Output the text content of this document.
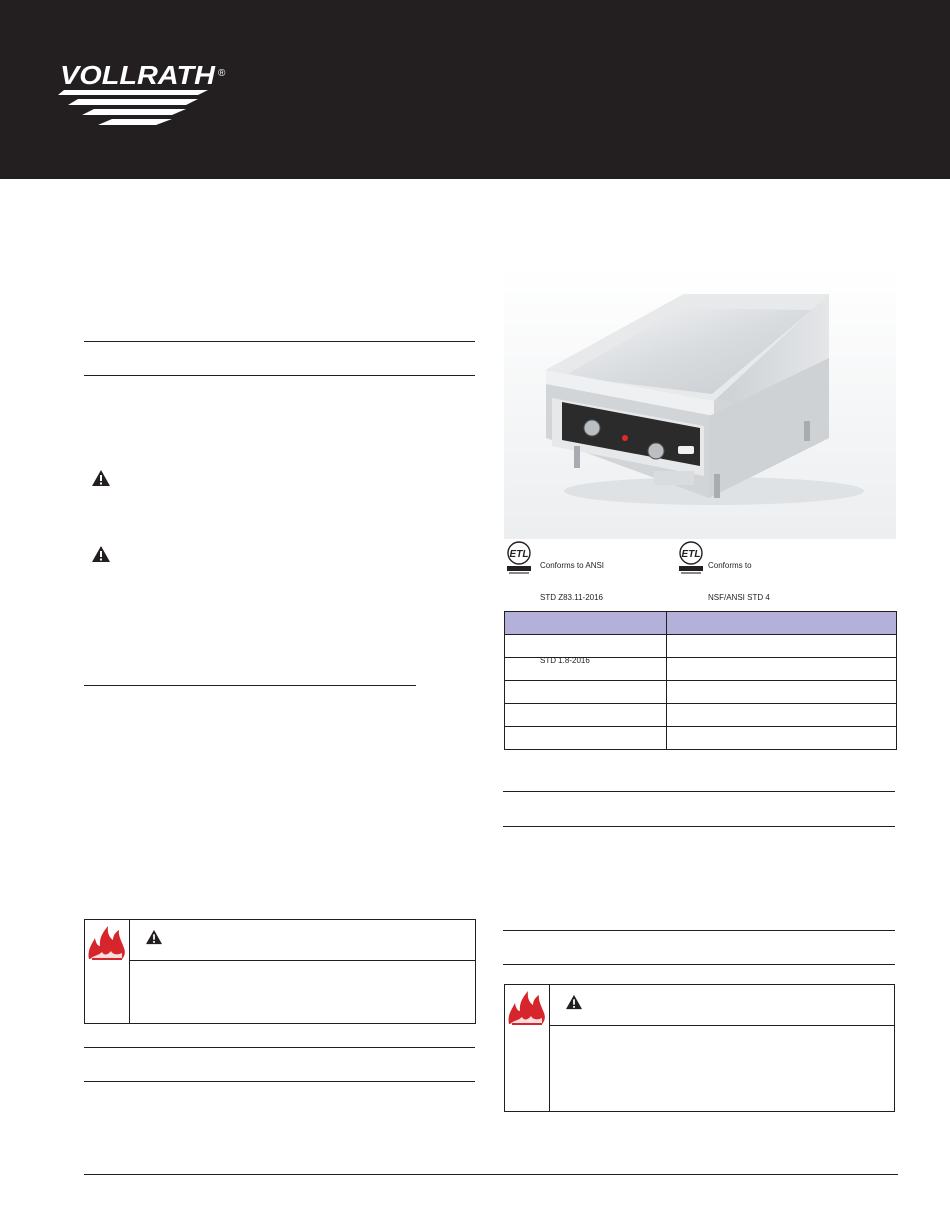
VOLLRATH ®
ETL

Conforms to ANSI

STD Z83.11-2016

STD 1.8-2016

ETL

Conforms to

NSF/ANSI STD 4
